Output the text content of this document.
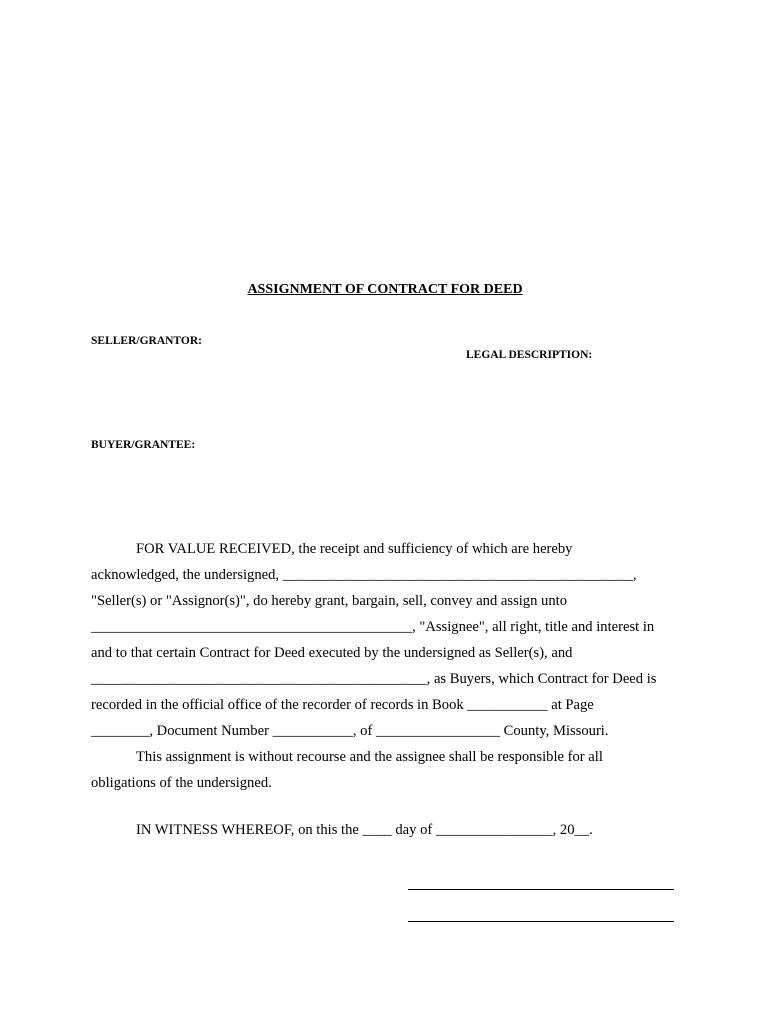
ASSIGNMENT OF CONTRACT FOR DEED
SELLER/GRANTOR:
LEGAL DESCRIPTION:
BUYER/GRANTEE:
FOR VALUE RECEIVED, the receipt and sufficiency of which are hereby
acknowledged, the undersigned, ________________________________________________,
"Seller(s) or "Assignor(s)", do hereby grant, bargain, sell, convey and assign unto
____________________________________________, "Assignee", all right, title and interest in
and to that certain Contract for Deed executed by the undersigned as Seller(s), and
______________________________________________, as Buyers, which Contract for Deed is
recorded in the official office of the recorder of records in Book ___________ at Page
________, Document Number ___________, of _________________ County, Missouri.
This assignment is without recourse and the assignee shall be responsible for all
obligations of the undersigned.
IN WITNESS WHEREOF, on this the ____ day of ________________, 20__.
